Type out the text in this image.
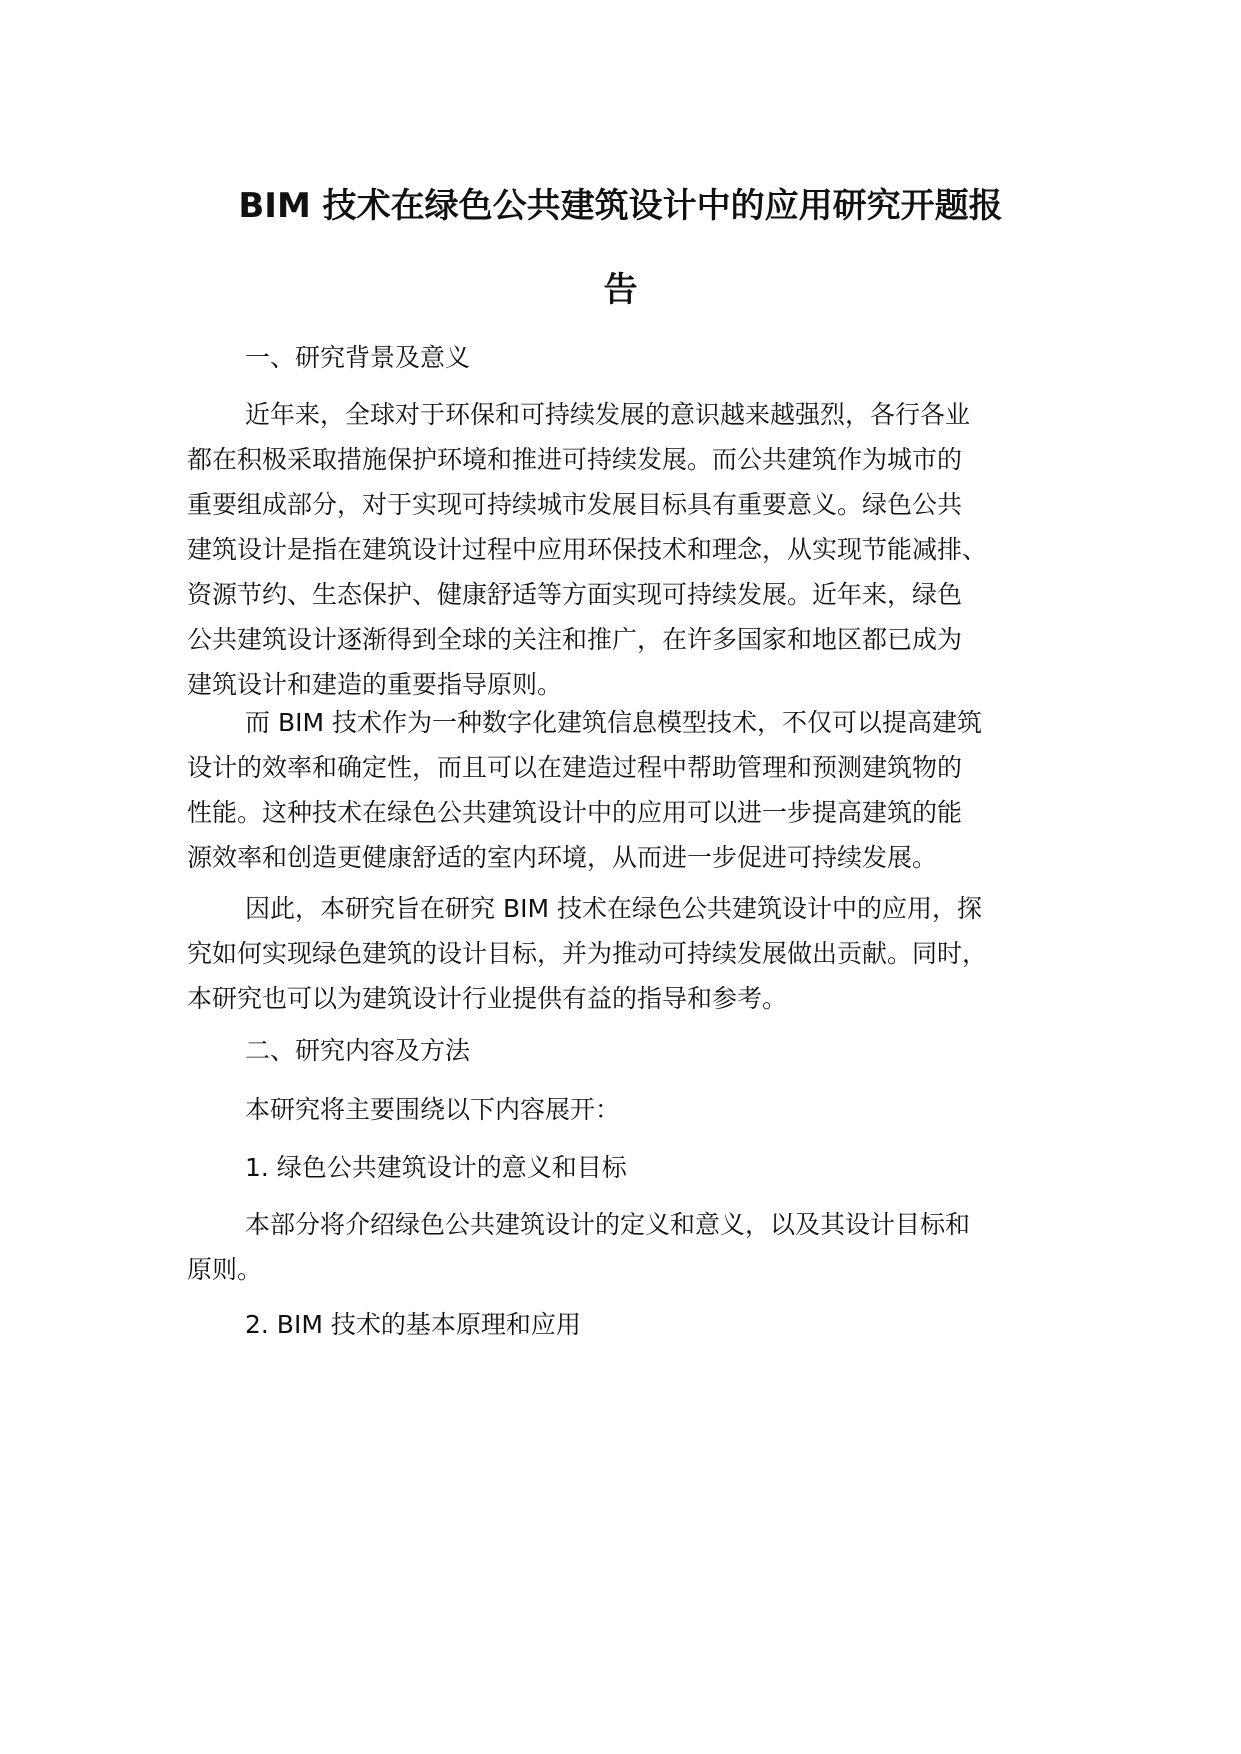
BIM 技术在绿色公共建筑设计中的应用研究开题报
告
一、研究背景及意义

近年来，全球对于环保和可持续发展的意识越来越强烈，各行各业
都在积极采取措施保护环境和推进可持续发展。而公共建筑作为城市的
重要组成部分，对于实现可持续城市发展目标具有重要意义。绿色公共
建筑设计是指在建筑设计过程中应用环保技术和理念，从实现节能减排、
资源节约、生态保护、健康舒适等方面实现可持续发展。近年来，绿色
公共建筑设计逐渐得到全球的关注和推广，在许多国家和地区都已成为
建筑设计和建造的重要指导原则。

而 BIM 技术作为一种数字化建筑信息模型技术，不仅可以提高建筑
设计的效率和确定性，而且可以在建造过程中帮助管理和预测建筑物的
性能。这种技术在绿色公共建筑设计中的应用可以进一步提高建筑的能
源效率和创造更健康舒适的室内环境，从而进一步促进可持续发展。

因此，本研究旨在研究 BIM 技术在绿色公共建筑设计中的应用，探
究如何实现绿色建筑的设计目标，并为推动可持续发展做出贡献。同时，
本研究也可以为建筑设计行业提供有益的指导和参考。

二、研究内容及方法

本研究将主要围绕以下内容展开：

1. 绿色公共建筑设计的意义和目标

本部分将介绍绿色公共建筑设计的定义和意义，以及其设计目标和
原则。

2. BIM 技术的基本原理和应用
